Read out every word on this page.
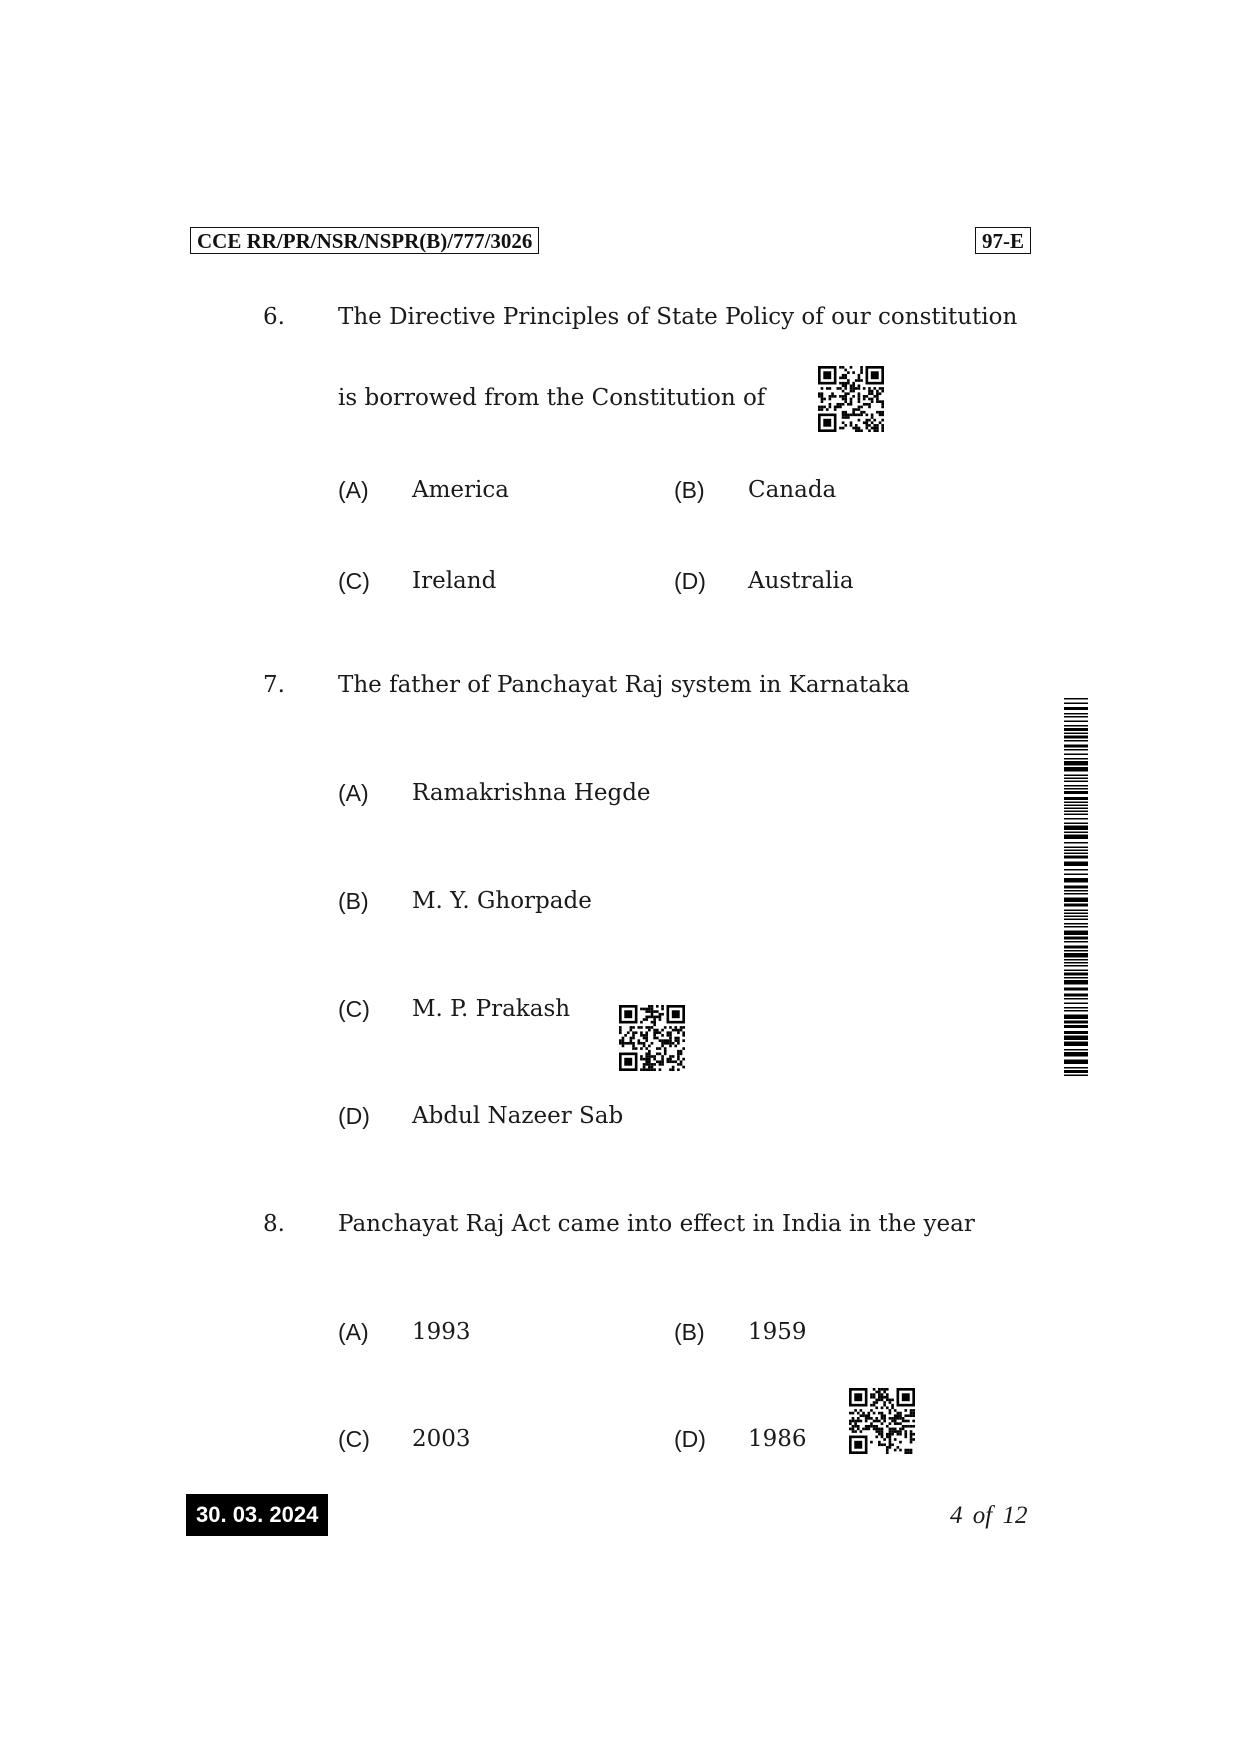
CCE RR/PR/NSR/NSPR(B)/777/3026	97-E
6. The Directive Principles of State Policy of our constitution
is borrowed from the Constitution of
(A) America	(B) Canada
(C) Ireland	(D) Australia
7. The father of Panchayat Raj system in Karnataka
(A) Ramakrishna Hegde
(B) M. Y. Ghorpade
(C) M. P. Prakash
(D) Abdul Nazeer Sab
8. Panchayat Raj Act came into effect in India in the year
(A) 1993	(B) 1959
(C) 2003	(D) 1986
30. 03. 2024	4 of 12
